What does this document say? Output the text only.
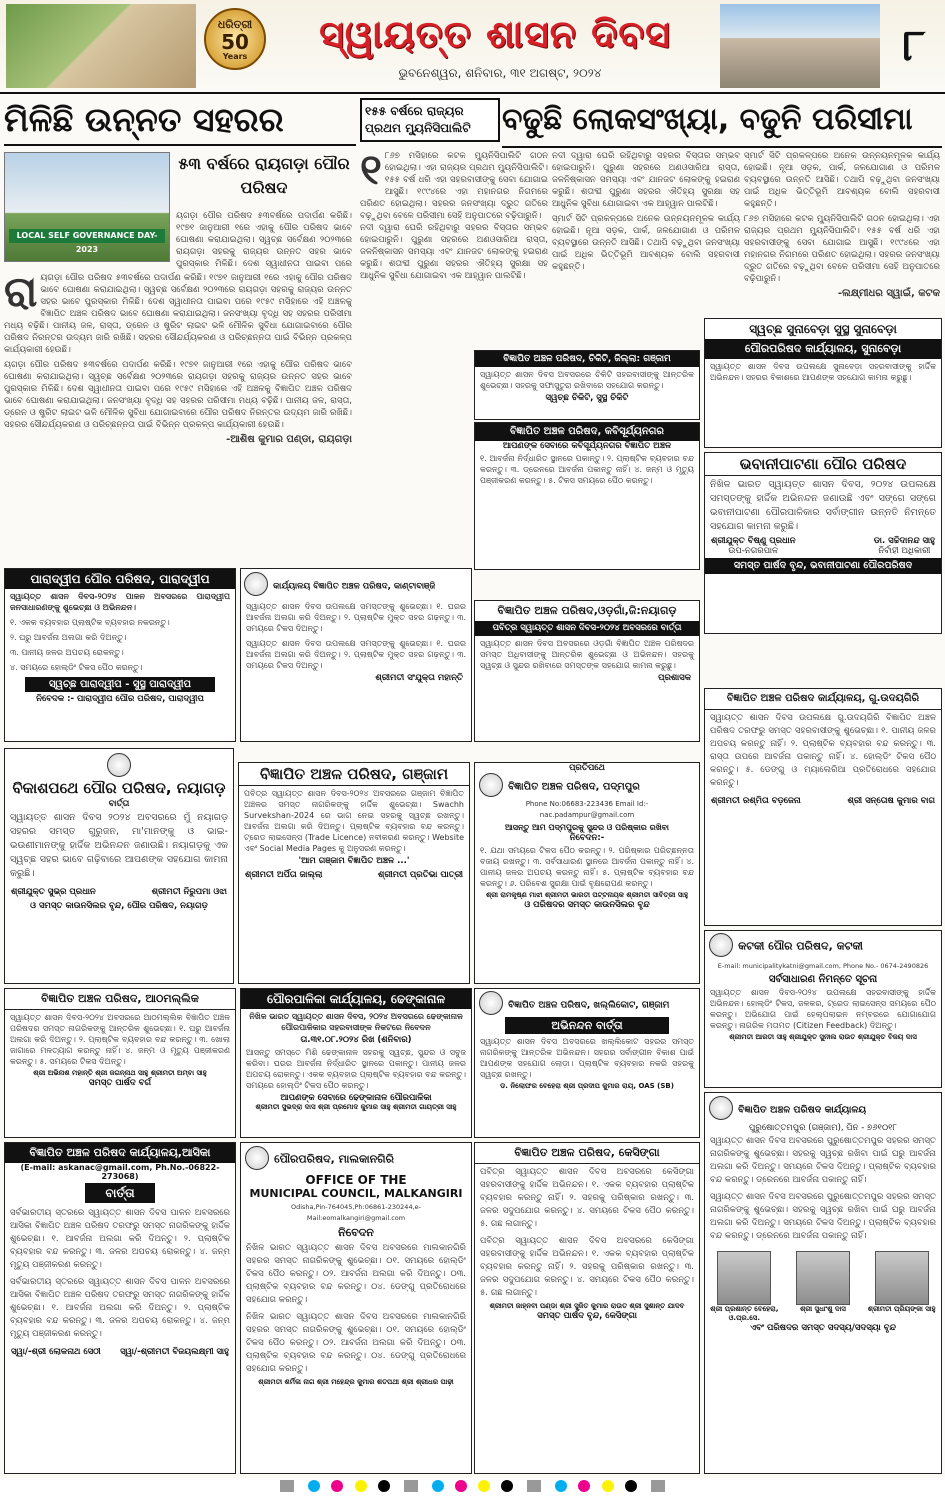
ଧରିତ୍ରୀ
50
Years	ସ୍ୱାୟତ୍ତ ଶାସନ ଦିବସ
ଭୁବନେଶ୍ୱର, ଶନିବାର, ୩୧ ଅଗଷ୍ଟ, ୨୦୨୪
୮
ମିଳିଛି ଉନ୍ନତ ସହରର	୧୫୫ ବର୍ଷରେ ରାଜ୍ୟର ପ୍ରଥମ ମ୍ୟୁନିସିପାଲିଟି	ବଢୁଛି ଲୋକସଂଖ୍ୟା, ବଢୁନି ପରିସୀମା
LOCAL SELF GOVERNANCE DAY-2023
୫୩ ବର୍ଷରେ ରାୟଗଡ଼ା ପୌର ପରିଷଦ

ୟଗଡ଼ା ପୌର ପରିଷଦ ୫୩ବର୍ଷରେ ପଦାର୍ପଣ କରିଛି। ୧୯୭୧ ଜାନୁଆରୀ ୧ରେ ଏହାକୁ ପୌର ପରିଷଦ ଭାବେ ଘୋଷଣା କରାଯାଇଥିଲା। ସ୍ୱଚ୍ଛ ସର୍ବେକ୍ଷଣ ୨୦୨୩ରେ ରାୟଗଡ଼ା ସହରକୁ ରାଜ୍ୟର ଉନ୍ନତ ସହର ଭାବେ ପୁରସ୍କାର ମିଳିଛି। ଦେଶ ସ୍ୱାଧୀନତା ପାଇବା ପରେ

ରା ୟଗଡ଼ା ପୌର ପରିଷଦ ୫୩ବର୍ଷରେ ପଦାର୍ପଣ କରିଛି। ୧୯୭୧ ଜାନୁଆରୀ ୧ରେ ଏହାକୁ ପୌର ପରିଷଦ ଭାବେ ଘୋଷଣା କରାଯାଇଥିଲା। ସ୍ୱଚ୍ଛ ସର୍ବେକ୍ଷଣ ୨୦୨୩ରେ ରାୟଗଡ଼ା ସହରକୁ ରାଜ୍ୟର ଉନ୍ନତ ସହର ଭାବେ ପୁରସ୍କାର ମିଳିଛି। ଦେଶ ସ୍ୱାଧୀନତା ପାଇବା ପରେ ୧୯୫୯ ମସିହାରେ ଏହି ଅଞ୍ଚଳକୁ ବିଜ୍ଞାପିତ ଅଞ୍ଚଳ ପରିଷଦ ଭାବେ ଘୋଷଣା କରାଯାଇଥିଲା। ଜନସଂଖ୍ୟା ବୃଦ୍ଧି ସହ ସହରର ପରିସୀମା ମଧ୍ୟ ବଢ଼ିଛି। ପାନୀୟ ଜଳ, ରାସ୍ତା, ଡ୍ରେନ ଓ ଷ୍ଟ୍ରିଟ ଲାଇଟ ଭଳି ମୌଳିକ ସୁବିଧା ଯୋଗାଇବାରେ ପୌର ପରିଷଦ ନିରନ୍ତର ଉଦ୍ୟମ ଜାରି ରଖିଛି। ସହରର ସୌନ୍ଦର୍ଯ୍ୟକରଣ ଓ ପରିଚ୍ଛନ୍ନତା ପାଇଁ ବିଭିନ୍ନ ପ୍ରକଳ୍ପ କାର୍ଯ୍ୟକାରୀ ହେଉଛି।

ୟଗଡ଼ା ପୌର ପରିଷଦ ୫୩ବର୍ଷରେ ପଦାର୍ପଣ କରିଛି। ୧୯୭୧ ଜାନୁଆରୀ ୧ରେ ଏହାକୁ ପୌର ପରିଷଦ ଭାବେ ଘୋଷଣା କରାଯାଇଥିଲା। ସ୍ୱଚ୍ଛ ସର୍ବେକ୍ଷଣ ୨୦୨୩ରେ ରାୟଗଡ଼ା ସହରକୁ ରାଜ୍ୟର ଉନ୍ନତ ସହର ଭାବେ ପୁରସ୍କାର ମିଳିଛି। ଦେଶ ସ୍ୱାଧୀନତା ପାଇବା ପରେ ୧୯୫୯ ମସିହାରେ ଏହି ଅଞ୍ଚଳକୁ ବିଜ୍ଞାପିତ ଅଞ୍ଚଳ ପରିଷଦ ଭାବେ ଘୋଷଣା କରାଯାଇଥିଲା। ଜନସଂଖ୍ୟା ବୃଦ୍ଧି ସହ ସହରର ପରିସୀମା ମଧ୍ୟ ବଢ଼ିଛି। ପାନୀୟ ଜଳ, ରାସ୍ତା, ଡ୍ରେନ ଓ ଷ୍ଟ୍ରିଟ ଲାଇଟ ଭଳି ମୌଳିକ ସୁବିଧା ଯୋଗାଇବାରେ ପୌର ପରିଷଦ ନିରନ୍ତର ଉଦ୍ୟମ ଜାରି ରଖିଛି। ସହରର ସୌନ୍ଦର୍ଯ୍ୟକରଣ ଓ ପରିଚ୍ଛନ୍ନତା ପାଇଁ ବିଭିନ୍ନ ପ୍ରକଳ୍ପ କାର୍ଯ୍ୟକାରୀ ହେଉଛି।

-ଆଶିଷ କୁମାର ପଣ୍ଡା, ରାୟଗଡ଼ା
୧ ୮୬୭ ମସିହାରେ କଟକ ମ୍ୟୁନିସିପାଲିଟି ଗଠନ ହୋଇଥିଲା। ଏହା ରାଜ୍ୟର ପ୍ରଥମ ମ୍ୟୁନିସିପାଲିଟି। ୧୫୫ ବର୍ଷ ଧରି ଏହା ସହରବାସୀଙ୍କୁ ସେବା ଯୋଗାଇ ଆସୁଛି। ୧୯୯୪ରେ ଏହା ମହାନଗର ନିଗମରେ ପରିଣତ ହୋଇଥିଲା। ସହରର ଜନସଂଖ୍ୟା ଦ୍ରୁତ ଗତିରେ ବଢ଼ୁଥିବା ବେଳେ ପରିସୀମା ସେହି ଅନୁପାତରେ ବଢ଼ିପାରୁନି।

ନଦୀ ଦ୍ୱାରା ଘେରି ରହିଥିବାରୁ ସହରର ବିସ୍ତାର ସମ୍ଭବ ହୋଇପାରୁନି। ପୁରୁଣା ସହରରେ ଅଣଓସାରିଆ ରାସ୍ତା, ଜଳନିଷ୍କାସନ ସମସ୍ୟା ଏବଂ ଯାନଜଟ ଲୋକଙ୍କୁ ହଇରାଣ କରୁଛି। ଶତାବ୍ଦୀ ପୁରୁଣା ସହରର ଐତିହ୍ୟ ସୁରକ୍ଷା ସହ ଆଧୁନିକ ସୁବିଧା ଯୋଗାଇବା ଏକ ଆହ୍ୱାନ ପାଲଟିଛି।

ନଦୀ ଦ୍ୱାରା ଘେରି ରହିଥିବାରୁ ସହରର ବିସ୍ତାର ସମ୍ଭବ ହୋଇପାରୁନି। ପୁରୁଣା ସହରରେ ଅଣଓସାରିଆ ରାସ୍ତା, ଜଳନିଷ୍କାସନ ସମସ୍ୟା ଏବଂ ଯାନଜଟ ଲୋକଙ୍କୁ ହଇରାଣ କରୁଛି। ଶତାବ୍ଦୀ ପୁରୁଣା ସହରର ଐତିହ୍ୟ ସୁରକ୍ଷା ସହ ଆଧୁନିକ ସୁବିଧା ଯୋଗାଇବା ଏକ ଆହ୍ୱାନ ପାଲଟିଛି।

ସ୍ମାର୍ଟ ସିଟି ପ୍ରକଳ୍ପରେ ଅନେକ ଉନ୍ନୟନମୂଳକ କାର୍ଯ୍ୟ ହୋଇଛି। ନୂଆ ସଡ଼କ, ପାର୍କ, ଜଳଯୋଗାଣ ଓ ପରିମଳ ବ୍ୟବସ୍ଥାରେ ଉନ୍ନତି ଆସିଛି। ତଥାପି ବଢ଼ୁଥିବା ଜନସଂଖ୍ୟା ପାଇଁ ଅଧିକ ଭିତ୍ତିଭୂମି ଆବଶ୍ୟକ ବୋଲି ସହରବାସୀ କହୁଛନ୍ତି।

ସ୍ମାର୍ଟ ସିଟି ପ୍ରକଳ୍ପରେ ଅନେକ ଉନ୍ନୟନମୂଳକ କାର୍ଯ୍ୟ ହୋଇଛି। ନୂଆ ସଡ଼କ, ପାର୍କ, ଜଳଯୋଗାଣ ଓ ପରିମଳ ବ୍ୟବସ୍ଥାରେ ଉନ୍ନତି ଆସିଛି। ତଥାପି ବଢ଼ୁଥିବା ଜନସଂଖ୍ୟା ପାଇଁ ଅଧିକ ଭିତ୍ତିଭୂମି ଆବଶ୍ୟକ ବୋଲି ସହରବାସୀ କହୁଛନ୍ତି।

୮୬୭ ମସିହାରେ କଟକ ମ୍ୟୁନିସିପାଲିଟି ଗଠନ ହୋଇଥିଲା। ଏହା ରାଜ୍ୟର ପ୍ରଥମ ମ୍ୟୁନିସିପାଲିଟି। ୧୫୫ ବର୍ଷ ଧରି ଏହା ସହରବାସୀଙ୍କୁ ସେବା ଯୋଗାଇ ଆସୁଛି। ୧୯୯୪ରେ ଏହା ମହାନଗର ନିଗମରେ ପରିଣତ ହୋଇଥିଲା। ସହରର ଜନସଂଖ୍ୟା ଦ୍ରୁତ ଗତିରେ ବଢ଼ୁଥିବା ବେଳେ ପରିସୀମା ସେହି ଅନୁପାତରେ ବଢ଼ିପାରୁନି।

-ଲକ୍ଷ୍ମୀଧର ସ୍ୱାଇଁ, କଟକ
ବିଜ୍ଞାପିତ ଅଞ୍ଚଳ ପରିଷଦ, ଚିକିଟି, ଜିଲ୍ଲା: ଗଞ୍ଜାମ
ସ୍ୱାୟତ୍ତ ଶାସନ ଦିବସ ଅବସରରେ ଚିକିଟି ସହରବାସୀଙ୍କୁ ଆନ୍ତରିକ ଶୁଭେଚ୍ଛା। ସହରକୁ ସଫାସୁତୁରା ରଖିବାରେ ସହଯୋଗ କରନ୍ତୁ।
ସ୍ୱଚ୍ଛ ଚିକିଟି, ସୁସ୍ଥ ଚିକିଟି
ବିଜ୍ଞାପିତ ଅଞ୍ଚଳ ପରିଷଦ, କବିସୂର୍ଯ୍ୟନଗର
ଆପଣଙ୍କ ସେବାରେ କବିସୂର୍ଯ୍ୟନଗର ବିଜ୍ଞାପିତ ଅଞ୍ଚଳ
୧. ଆବର୍ଜନା ନିର୍ଦ୍ଧାରିତ ସ୍ଥାନରେ ପକାନ୍ତୁ। ୨. ପ୍ଲାଷ୍ଟିକ ବ୍ୟବହାର ବନ୍ଦ କରନ୍ତୁ। ୩. ଡ୍ରେନରେ ଆବର୍ଜନା ପକାନ୍ତୁ ନାହିଁ। ୪. ଜନ୍ମ ଓ ମୃତ୍ୟୁ ପଞ୍ଜୀକରଣ କରନ୍ତୁ। ୫. ଟିକସ ସମୟରେ ପୈଠ କରନ୍ତୁ।
ସ୍ୱଚ୍ଛ ସୁନାବେଡ଼ା ସୁସ୍ଥ ସୁନାବେଡ଼ା
ପୌରପରିଷଦ କାର୍ଯ୍ୟାଳୟ, ସୁନାବେଡ଼ା
ସ୍ୱାୟତ୍ତ ଶାସନ ଦିବସ ଉପଲକ୍ଷେ ସୁନାବେଡ଼ା ସହରବାସୀଙ୍କୁ ହାର୍ଦ୍ଦିକ ଅଭିନନ୍ଦନ। ସହରର ବିକାଶରେ ଆପଣଙ୍କ ସହଯୋଗ କାମନା କରୁଛୁ।
ଭବାନୀପାଟଣା ପୌର ପରିଷଦ
ନିଖିଳ ଭାରତ ସ୍ୱାୟତ୍ତ ଶାସନ ଦିବସ, ୨୦୨୪ ଉପଲକ୍ଷେ ସମସ୍ତଙ୍କୁ ହାର୍ଦ୍ଦିକ ଅଭିନନ୍ଦନ ଜଣାଉଛି ଏବଂ ସଙ୍ଗେ ସଙ୍ଗେ ଭବାନୀପାଟଣା ପୌରପାଳିକାର ସର୍ବାଙ୍ଗୀନ ଉନ୍ନତି ନିମନ୍ତେ ସହଯୋଗ କାମନା କରୁଛି।
ଶ୍ରୀଯୁକ୍ତ ବିଷ୍ଣୁ ପ୍ରଧାନ
ଉପ-ନଗରପାଳ
ଡା. ସଚ୍ଚିଦାନନ୍ଦ ସାହୁ
ନିର୍ବାହୀ ଅଧିକାରୀ
ସମସ୍ତ ପାର୍ଷଦ ବୃନ୍ଦ, ଭବାନୀପାଟଣା ପୌରପରିଷଦ
ପାରାଦ୍ୱୀପ ପୌର ପରିଷଦ, ପାରାଦ୍ୱୀପ
ସ୍ୱାୟତ୍ତ ଶାସନ ଦିବସ-୨୦୨୪ ପାଳନ ଅବସରରେ ପାରାଦ୍ୱୀପ ଜନସାଧାରଣଙ୍କୁ ଶୁଭେଚ୍ଛା ଓ ଅଭିନନ୍ଦନ।
୧. ଏକକ ବ୍ୟବହାର ପ୍ଲାଷ୍ଟିକ ବ୍ୟବହାର ନକରନ୍ତୁ।
୨. ଘରୁ ଆବର୍ଜନା ଅଲଗା କରି ଦିଅନ୍ତୁ।
୩. ପାନୀୟ ଜଳର ଅପଚୟ ରୋକନ୍ତୁ।
୪. ସମୟରେ ହୋଲ୍ଡିଂ ଟିକସ ପୈଠ କରନ୍ତୁ।
ସ୍ୱଚ୍ଛ ପାରାଦ୍ୱୀପ - ସୁସ୍ଥ ପାରାଦ୍ୱୀପ
ନିବେଦକ :- ପାରାଦ୍ୱୀପ ପୌର ପରିଷଦ, ପାରାଦ୍ୱୀପ
କାର୍ଯ୍ୟାଳୟ ବିଜ୍ଞାପିତ ଅଞ୍ଚଳ ପରିଷଦ, କାଣ୍ଟାବାଞ୍ଜି
ସ୍ୱାୟତ୍ତ ଶାସନ ଦିବସ ଉପଲକ୍ଷେ ସମସ୍ତଙ୍କୁ ଶୁଭେଚ୍ଛା। ୧. ଘରର ଆବର୍ଜନା ଅଲଗା କରି ଦିଅନ୍ତୁ। ୨. ପ୍ଲାଷ୍ଟିକ ମୁକ୍ତ ସହର ଗଢ଼ନ୍ତୁ। ୩. ସମୟରେ ଟିକସ ଦିଅନ୍ତୁ।
ସ୍ୱାୟତ୍ତ ଶାସନ ଦିବସ ଉପଲକ୍ଷେ ସମସ୍ତଙ୍କୁ ଶୁଭେଚ୍ଛା। ୧. ଘରର ଆବର୍ଜନା ଅଲଗା କରି ଦିଅନ୍ତୁ। ୨. ପ୍ଲାଷ୍ଟିକ ମୁକ୍ତ ସହର ଗଢ଼ନ୍ତୁ। ୩. ସମୟରେ ଟିକସ ଦିଅନ୍ତୁ।
ଶ୍ରୀମତୀ ସଂଯୁକ୍ତା ମହାନ୍ତି
ବିଜ୍ଞାପିତ ଅଞ୍ଚଳ ପରିଷଦ,ଓଡ଼ଗାଁ,ଜି:ନୟାଗଡ଼
ପବିତ୍ର ସ୍ୱାୟତ୍ତ ଶାସନ ଦିବସ-୨୦୨୪ ଅବସରରେ ବାର୍ତ୍ତା
ସ୍ୱାୟତ୍ତ ଶାସନ ଦିବସ ଅବସରରେ ଓଡ଼ଗାଁ ବିଜ୍ଞାପିତ ଅଞ୍ଚଳ ପରିଷଦର ସମସ୍ତ ଅଧିବାସୀଙ୍କୁ ଆନ୍ତରିକ ଶୁଭେଚ୍ଛା ଓ ଅଭିନନ୍ଦନ। ସହରକୁ ସ୍ୱଚ୍ଛ ଓ ସୁନ୍ଦର ରଖିବାରେ ସମସ୍ତଙ୍କ ସହଯୋଗ କାମନା କରୁଛୁ।
ପ୍ରଶାସକ
ବିଜ୍ଞାପିତ ଅଞ୍ଚଳ ପରିଷଦ କାର୍ଯ୍ୟାଳୟ, ଗୁ.ଉଦୟଗିରି
ସ୍ୱାୟତ୍ତ ଶାସନ ଦିବସ ଉପଲକ୍ଷେ ଗୁ.ଉଦୟଗିରି ବିଜ୍ଞାପିତ ଅଞ୍ଚଳ ପରିଷଦ ତରଫରୁ ସମସ୍ତ ସହରବାସୀଙ୍କୁ ଶୁଭେଚ୍ଛା। ୧. ପାନୀୟ ଜଳର ଅପଚୟ କରନ୍ତୁ ନାହିଁ। ୨. ପ୍ଲାଷ୍ଟିକ ବ୍ୟବହାର ବନ୍ଦ କରନ୍ତୁ। ୩. ରାସ୍ତା ଉପରେ ଆବର୍ଜନା ପକାନ୍ତୁ ନାହିଁ। ୪. ହୋଲ୍ଡିଂ ଟିକସ ପୈଠ କରନ୍ତୁ। ୫. ଡେଙ୍ଗୁ ଓ ମ୍ୟାଲେରିଆ ପ୍ରତିରୋଧରେ ସହଯୋଗ କରନ୍ତୁ।
ଶ୍ରୀମତୀ ରଶ୍ମିତା ବଡ଼ଜେନା	ଶ୍ରୀ ସନ୍ତୋଷ କୁମାର ବାଗ
ବିକାଶପଥେ ପୌର ପରିଷଦ, ନୟାଗଡ଼
ବାର୍ତ୍ତା
ସ୍ୱାୟତ୍ତ ଶାସନ ଦିବସ ୨୦୨୪ ଅବସରରେ ମୁଁ ନୟାଗଡ଼ ସହରର ସମସ୍ତ ଗୁରୁଜନ, ମା'ମାନଙ୍କୁ ଓ ଭାଇ-ଭଉଣୀମାନଙ୍କୁ ହାର୍ଦ୍ଦିକ ଅଭିନନ୍ଦନ ଜଣାଉଛି। ନୟାଗଡ଼କୁ ଏକ ସ୍ୱଚ୍ଛ ସହର ଭାବେ ଗଢ଼ିବାରେ ଆପଣଙ୍କ ସହଯୋଗ କାମନା କରୁଛି।
ଶ୍ରୀଯୁକ୍ତ ସୁଭ୍ର ପ୍ରଧାନ	ଶ୍ରୀମତୀ ନିରୁପମା ଓଝା
ଓ ସମସ୍ତ କାଉନସିଲର ବୃନ୍ଦ, ପୌର ପରିଷଦ, ନୟାଗଡ଼
ବିଜ୍ଞାପିତ ଅଞ୍ଚଳ ପରିଷଦ, ଗଞ୍ଜାମ
ପବିତ୍ର ସ୍ୱାୟତ୍ତ ଶାସନ ଦିବସ-୨୦୨୪ ଅବସରରେ ଗଞ୍ଜାମ ବିଜ୍ଞାପିତ ଅଞ୍ଚଳର ସମସ୍ତ ନାଗରିକଙ୍କୁ ହାର୍ଦ୍ଦିକ ଶୁଭେଚ୍ଛା। Swachh Survekshan-2024 ରେ ଭାଗ ନେଇ ସହରକୁ ସ୍ୱଚ୍ଛ ରଖନ୍ତୁ। ଆବର୍ଜନା ଅଲଗା କରି ଦିଅନ୍ତୁ। ପ୍ଲାଷ୍ଟିକ ବ୍ୟବହାର ବନ୍ଦ କରନ୍ତୁ। ଟ୍ରେଡ ଲାଇସେନ୍ସ (Trade Licence) ନବୀକରଣ କରନ୍ତୁ। Website ଏବଂ Social Media Pages କୁ ଅନୁସରଣ କରନ୍ତୁ।
'ଆମ ଗଞ୍ଜାମ ବିଜ୍ଞାପିତ ଅଞ୍ଚଳ ...'
ଶ୍ରୀମତୀ ଅର୍ପିତା ଜାଲ୍ଲା	ଶ୍ରୀମତୀ ପ୍ରତିଭା ପାତ୍ରୀ
ପ୍ରତିପଥେ
ବିଜ୍ଞାପିତ ଅଞ୍ଚଳ ପରିଷଦ, ପଦ୍ମପୁର
Phone No:06683-223436 Email Id:-nac.padampur@gmail.com
ଆସନ୍ତୁ ଆମ ପଦ୍ମପୁରକୁ ସୁନ୍ଦର ଓ ପରିଷ୍କାର ରଖିବା
ନିବେଦନ:-
୧. ଯଥା ସମୟରେ ଟିକସ ପୈଠ କରନ୍ତୁ। ୨. ପରିଷ୍କାର ପରିଚ୍ଛନ୍ନତା ବଜାୟ ରଖନ୍ତୁ। ୩. ସର୍ବସାଧାରଣ ସ୍ଥାନରେ ଆବର୍ଜନା ପକାନ୍ତୁ ନାହିଁ। ୪. ପାନୀୟ ଜଳର ଅପଚୟ କରନ୍ତୁ ନାହିଁ। ୫. ପ୍ଲାଷ୍ଟିକ ବ୍ୟବହାର ବନ୍ଦ କରନ୍ତୁ। ୬. ପରିବେଶ ସୁରକ୍ଷା ପାଇଁ ବୃକ୍ଷରୋପଣ କରନ୍ତୁ।
ଶ୍ରୀ ରାମକୃଷ୍ଣ ମାଝୀ ଶ୍ରୀମତୀ ଭାରତୀ ପଟ୍ଟନାୟକ ଶ୍ରୀମତୀ ସାବିତ୍ରୀ ସାହୁ
ଓ ପରିଷଦର ସମସ୍ତ କାଉନସିଲର ବୃନ୍ଦ
କଟକୀ ପୌର ପରିଷଦ, କଟକୀ
E-mail: municipalitykatni@gmail.com, Phone No.- 0674-2490826
ସର୍ବସାଧାରଣ ନିମନ୍ତେ ସୂଚନା
ସ୍ୱାୟତ୍ତ ଶାସନ ଦିବସ-୨୦୨୪ ଉପଲକ୍ଷେ ସହରବାସୀଙ୍କୁ ହାର୍ଦ୍ଦିକ ଅଭିନନ୍ଦନ। ହୋଲ୍ଡିଂ ଟିକସ, ଜଳକର, ଟ୍ରେଡ ଲାଇସେନ୍ସ ସମୟରେ ପୈଠ କରନ୍ତୁ। ଅଭିଯୋଗ ପାଇଁ ହେଲ୍ପଲାଇନ ନମ୍ବରରେ ଯୋଗାଯୋଗ କରନ୍ତୁ। ନାଗରିକ ମତାମତ (Citizen Feedback) ଦିଅନ୍ତୁ।
ଶ୍ରୀମତୀ ଆରତୀ ସାହୁ ଶ୍ରୀଯୁକ୍ତ ସୁନୀଲ ରାଉତ ଶ୍ରୀଯୁକ୍ତ ବିଜୟ ଦାସ
ବିଜ୍ଞାପିତ ଅଞ୍ଚଳ ପରିଷଦ, ଆଠମଲ୍ଲିକ
ସ୍ୱାୟତ୍ତ ଶାସନ ଦିବସ-୨୦୨୪ ଅବସରରେ ଆଠମଲ୍ଲିକ ବିଜ୍ଞାପିତ ଅଞ୍ଚଳ ପରିଷଦର ସମସ୍ତ ନାଗରିକଙ୍କୁ ଆନ୍ତରିକ ଶୁଭେଚ୍ଛା। ୧. ଘରୁ ଆବର୍ଜନା ଅଲଗା କରି ଦିଅନ୍ତୁ। ୨. ପ୍ଲାଷ୍ଟିକ ବ୍ୟବହାର ବନ୍ଦ କରନ୍ତୁ। ୩. ଖୋଲା ଜାଗାରେ ମଳତ୍ୟାଗ କରନ୍ତୁ ନାହିଁ। ୪. ଜନ୍ମ ଓ ମୃତ୍ୟୁ ପଞ୍ଜୀକରଣ କରନ୍ତୁ। ୫. ସମୟରେ ଟିକସ ଦିଅନ୍ତୁ।
ଶ୍ରୀ ଅଭିନାଶ ମହାନ୍ତି ଶ୍ରୀ ଜଗନ୍ନାଥ ସାହୁ ଶ୍ରୀମତୀ ଅମ୍ବା ସାହୁ
ସମସ୍ତ ପାର୍ଷଦ ବର୍ଗ
ପୌରପାଳିକା କାର୍ଯ୍ୟାଳୟ, ଢେଙ୍କାନାଳ
ନିଖିଳ ଭାରତ ସ୍ୱାୟତ୍ତ ଶାସନ ଦିବସ, ୨୦୨୪ ଅବସରରେ ଢେଙ୍କାନାଳ ପୌରପାଳିକାର ସହରବାସୀଙ୍କ ନିକଟରେ ନିବେଦନ
ତା.୩୧.୦୮.୨୦୨୪ ରିଖ (ଶନିବାର)
ଆସନ୍ତୁ ସମସ୍ତେ ମିଶି ଢେଙ୍କାନାଳ ସହରକୁ ସ୍ୱଚ୍ଛ, ସୁନ୍ଦର ଓ ସବୁଜ କରିବା। ଘରର ଆବର୍ଜନା ନିର୍ଦ୍ଧାରିତ ସ୍ଥାନରେ ପକାନ୍ତୁ। ପାନୀୟ ଜଳର ଅପଚୟ ରୋକନ୍ତୁ। ଏକକ ବ୍ୟବହାର ପ୍ଲାଷ୍ଟିକ ବ୍ୟବହାର ବନ୍ଦ କରନ୍ତୁ। ସମୟରେ ହୋଲ୍ଡିଂ ଟିକସ ପୈଠ କରନ୍ତୁ।
ଆପଣଙ୍କ ସେବାରେ ଢେଙ୍କାନାଳ ପୌରପାଳିକା
ଶ୍ରୀମତୀ ସୁଭଦ୍ରା ଦାସ ଶ୍ରୀ ପ୍ରମୋଦ କୁମାର ସାହୁ ଶ୍ରୀମତୀ ଗାୟତ୍ରୀ ସାହୁ
ବିଜ୍ଞାପିତ ଅଞ୍ଚଳ ପରିଷଦ, ଖଲ୍ଲିକୋଟ, ଗଞ୍ଜାମ
ଅଭିନନ୍ଦନ ବାର୍ତ୍ତା
ସ୍ୱାୟତ୍ତ ଶାସନ ଦିବସ ଅବସରରେ ଖଲ୍ଲିକୋଟ ସହରର ସମସ୍ତ ନାଗରିକଙ୍କୁ ଆନ୍ତରିକ ଅଭିନନ୍ଦନ। ସହରର ସର୍ବାଙ୍ଗୀନ ବିକାଶ ପାଇଁ ଆପଣଙ୍କ ସହଯୋଗ ଲୋଡ଼ା। ପ୍ଲାଷ୍ଟିକ ବ୍ୟବହାର ନକରି ସହରକୁ ସ୍ୱଚ୍ଛ ରଖନ୍ତୁ।
ଡ. ନିଲୋଫର ବେହେରା ଶ୍ରୀ ପ୍ରଦୀପ କୁମାର ରାୟ, OAS (SB)
ବିଜ୍ଞାପିତ ଅଞ୍ଚଳ ପରିଷଦ କାର୍ଯ୍ୟାଳୟ
ପୁରୁଷୋତ୍ତମପୁର (ଗଞ୍ଜାମ), ପିନ - ୭୬୧୦୧୮
ସ୍ୱାୟତ୍ତ ଶାସନ ଦିବସ ଅବସରରେ ପୁରୁଷୋତ୍ତମପୁର ସହରର ସମସ୍ତ ନାଗରିକଙ୍କୁ ଶୁଭେଚ୍ଛା। ସହରକୁ ସ୍ୱଚ୍ଛ ରଖିବା ପାଇଁ ଘରୁ ଆବର୍ଜନା ଅଲଗା କରି ଦିଅନ୍ତୁ। ସମୟରେ ଟିକସ ଦିଅନ୍ତୁ। ପ୍ଲାଷ୍ଟିକ ବ୍ୟବହାର ବନ୍ଦ କରନ୍ତୁ। ଡ୍ରେନରେ ଆବର୍ଜନା ପକାନ୍ତୁ ନାହିଁ।
ସ୍ୱାୟତ୍ତ ଶାସନ ଦିବସ ଅବସରରେ ପୁରୁଷୋତ୍ତମପୁର ସହରର ସମସ୍ତ ନାଗରିକଙ୍କୁ ଶୁଭେଚ୍ଛା। ସହରକୁ ସ୍ୱଚ୍ଛ ରଖିବା ପାଇଁ ଘରୁ ଆବର୍ଜନା ଅଲଗା କରି ଦିଅନ୍ତୁ। ସମୟରେ ଟିକସ ଦିଅନ୍ତୁ। ପ୍ଲାଷ୍ଟିକ ବ୍ୟବହାର ବନ୍ଦ କରନ୍ତୁ। ଡ୍ରେନରେ ଆବର୍ଜନା ପକାନ୍ତୁ ନାହିଁ।
ଶ୍ରୀ ପ୍ରଶାନ୍ତ ବେହେରା, ଓ.ପ୍ର.ସେ.
ଶ୍ରୀ ସୁଧାଂଶୁ ଦାସ	ଶ୍ରୀମତୀ ପ୍ରିୟଙ୍କା ସାହୁ
ଏବଂ ପରିଷଦର ସମସ୍ତ ସଦସ୍ୟ/ସଦସ୍ୟା ବୃନ୍ଦ
ବିଜ୍ଞାପିତ ଅଞ୍ଚଳ ପରିଷଦ କାର୍ଯ୍ୟାଳୟ,ଆସିକା
(E-mail: askanac@gmail.com, Ph.No.-06822-273068)
ବାର୍ତ୍ତା
ସର୍ବଭାରତୀୟ ସ୍ତରରେ ସ୍ୱାୟତ୍ତ ଶାସନ ଦିବସ ପାଳନ ଅବସରରେ ଆସିକା ବିଜ୍ଞାପିତ ଅଞ୍ଚଳ ପରିଷଦ ତରଫରୁ ସମସ୍ତ ନାଗରିକଙ୍କୁ ହାର୍ଦ୍ଦିକ ଶୁଭେଚ୍ଛା। ୧. ଆବର୍ଜନା ଅଲଗା କରି ଦିଅନ୍ତୁ। ୨. ପ୍ଲାଷ୍ଟିକ ବ୍ୟବହାର ବନ୍ଦ କରନ୍ତୁ। ୩. ଜଳର ଅପଚୟ ରୋକନ୍ତୁ। ୪. ଜନ୍ମ ମୃତ୍ୟୁ ପଞ୍ଜୀକରଣ କରନ୍ତୁ।
ସର୍ବଭାରତୀୟ ସ୍ତରରେ ସ୍ୱାୟତ୍ତ ଶାସନ ଦିବସ ପାଳନ ଅବସରରେ ଆସିକା ବିଜ୍ଞାପିତ ଅଞ୍ଚଳ ପରିଷଦ ତରଫରୁ ସମସ୍ତ ନାଗରିକଙ୍କୁ ହାର୍ଦ୍ଦିକ ଶୁଭେଚ୍ଛା। ୧. ଆବର୍ଜନା ଅଲଗା କରି ଦିଅନ୍ତୁ। ୨. ପ୍ଲାଷ୍ଟିକ ବ୍ୟବହାର ବନ୍ଦ କରନ୍ତୁ। ୩. ଜଳର ଅପଚୟ ରୋକନ୍ତୁ। ୪. ଜନ୍ମ ମୃତ୍ୟୁ ପଞ୍ଜୀକରଣ କରନ୍ତୁ।
ସ୍ୱା/-ଶ୍ରୀ ଲୋକନାଥ ସେଠୀ ସ୍ୱା/-ଶ୍ରୀମତୀ ବିଜୟଲକ୍ଷ୍ମୀ ସାହୁ
ପୌରପରିଷଦ, ମାଲକାନଗିରି
OFFICE OF THE
MUNICIPAL COUNCIL, MALKANGIRI
Odisha,Pin-764045,Ph:06861-230244,e-Mail:eomalkangiri@gmail.com
ନିବେଦନ
ନିଖିଳ ଭାରତ ସ୍ୱାୟତ୍ତ ଶାସନ ଦିବସ ଅବସରରେ ମାଲକାନଗିରି ସହରର ସମସ୍ତ ନାଗରିକଙ୍କୁ ଶୁଭେଚ୍ଛା। ୦୧. ସମୟରେ ହୋଲ୍ଡିଂ ଟିକସ ପୈଠ କରନ୍ତୁ। ୦୨. ଆବର୍ଜନା ଅଲଗା କରି ଦିଅନ୍ତୁ। ୦୩. ପ୍ଲାଷ୍ଟିକ ବ୍ୟବହାର ବନ୍ଦ କରନ୍ତୁ। ୦୪. ଡେଙ୍ଗୁ ପ୍ରତିରୋଧରେ ସହଯୋଗ କରନ୍ତୁ।
ନିଖିଳ ଭାରତ ସ୍ୱାୟତ୍ତ ଶାସନ ଦିବସ ଅବସରରେ ମାଲକାନଗିରି ସହରର ସମସ୍ତ ନାଗରିକଙ୍କୁ ଶୁଭେଚ୍ଛା। ୦୧. ସମୟରେ ହୋଲ୍ଡିଂ ଟିକସ ପୈଠ କରନ୍ତୁ। ୦୨. ଆବର୍ଜନା ଅଲଗା କରି ଦିଅନ୍ତୁ। ୦୩. ପ୍ଲାଷ୍ଟିକ ବ୍ୟବହାର ବନ୍ଦ କରନ୍ତୁ। ୦୪. ଡେଙ୍ଗୁ ପ୍ରତିରୋଧରେ ସହଯୋଗ କରନ୍ତୁ।
ଶ୍ରୀମତୀ ଶର୍ମିଳା ନାଗ ଶ୍ରୀ ମହେନ୍ଦ୍ର କୁମାର ଶତପଥୀ ଶ୍ରୀ ଶ୍ରୀଧର ପାଢ଼ୀ
ବିଜ୍ଞାପିତ ଅଞ୍ଚଳ ପରିଷଦ, କେସିଙ୍ଗା
ପବିତ୍ର ସ୍ୱାୟତ୍ତ ଶାସନ ଦିବସ ଅବସରରେ କେସିଙ୍ଗା ସହରବାସୀଙ୍କୁ ହାର୍ଦ୍ଦିକ ଅଭିନନ୍ଦନ। ୧. ଏକକ ବ୍ୟବହାର ପ୍ଲାଷ୍ଟିକ ବ୍ୟବହାର କରନ୍ତୁ ନାହିଁ। ୨. ସହରକୁ ପରିଷ୍କାର ରଖନ୍ତୁ। ୩. ଜଳର ସଦୁପଯୋଗ କରନ୍ତୁ। ୪. ସମୟରେ ଟିକସ ପୈଠ କରନ୍ତୁ। ୫. ଗଛ ଲଗାନ୍ତୁ।
ପବିତ୍ର ସ୍ୱାୟତ୍ତ ଶାସନ ଦିବସ ଅବସରରେ କେସିଙ୍ଗା ସହରବାସୀଙ୍କୁ ହାର୍ଦ୍ଦିକ ଅଭିନନ୍ଦନ। ୧. ଏକକ ବ୍ୟବହାର ପ୍ଲାଷ୍ଟିକ ବ୍ୟବହାର କରନ୍ତୁ ନାହିଁ। ୨. ସହରକୁ ପରିଷ୍କାର ରଖନ୍ତୁ। ୩. ଜଳର ସଦୁପଯୋଗ କରନ୍ତୁ। ୪. ସମୟରେ ଟିକସ ପୈଠ କରନ୍ତୁ। ୫. ଗଛ ଲଗାନ୍ତୁ।
ଶ୍ରୀମତୀ ଜାହ୍ନବୀ ପଣ୍ଡା ଶ୍ରୀ ସୁଜିତ କୁମାର ରାଉତ ଶ୍ରୀ ସୁଶାନ୍ତ ଯାଦବ
ସମସ୍ତ ପାର୍ଷଦ ବୃନ୍ଦ, କେସିଙ୍ଗା
